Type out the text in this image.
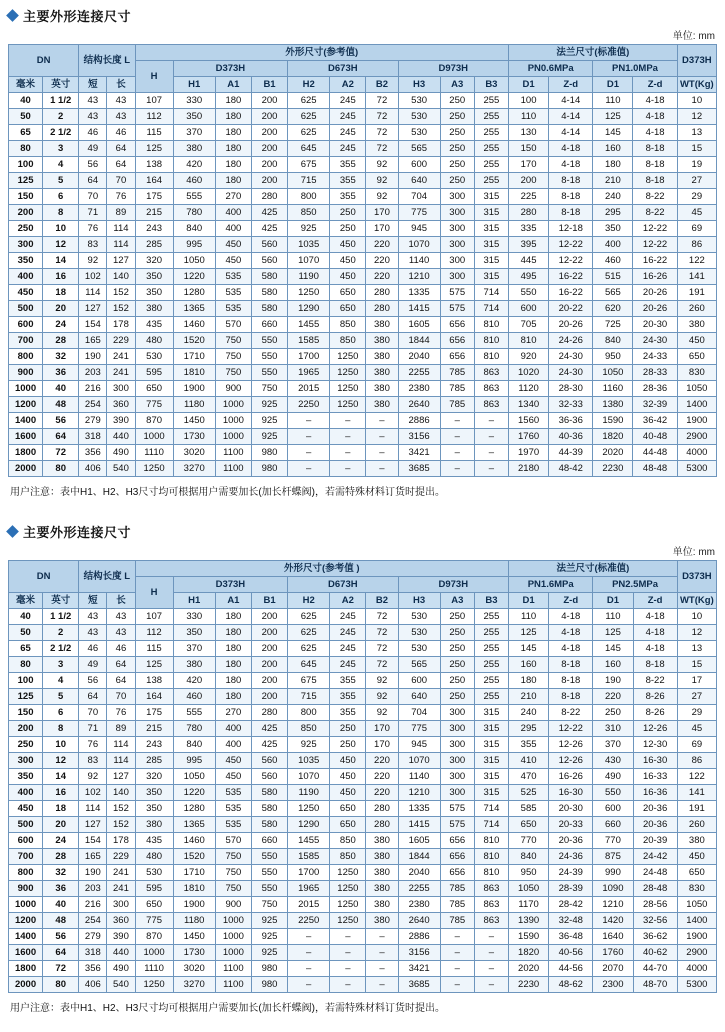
主要外形连接尺寸
单位: mm
DN		结构长度 L		外形尺寸(参考值)										法兰尺寸(标准值)				D373H
				H	D373H			D673H			D973H			PN0.6MPa		PN1.0MPa		
毫米	英寸	短	长		H1	A1	B1	H2	A2	B2	H3	A3	B3	D1	Z-d	D1	Z-d	WT(Kg)
40	1 1/2	43	43	107	330	180	200	625	245	72	530	250	255	100	4-14	110	4-18	10
50	2	43	43	112	350	180	200	625	245	72	530	250	255	110	4-14	125	4-18	12
65	2 1/2	46	46	115	370	180	200	625	245	72	530	250	255	130	4-14	145	4-18	13
80	3	49	64	125	380	180	200	645	245	72	565	250	255	150	4-18	160	8-18	15
100	4	56	64	138	420	180	200	675	355	92	600	250	255	170	4-18	180	8-18	19
125	5	64	70	164	460	180	200	715	355	92	640	250	255	200	8-18	210	8-18	27
150	6	70	76	175	555	270	280	800	355	92	704	300	315	225	8-18	240	8-22	29
200	8	71	89	215	780	400	425	850	250	170	775	300	315	280	8-18	295	8-22	45
250	10	76	114	243	840	400	425	925	250	170	945	300	315	335	12-18	350	12-22	69
300	12	83	114	285	995	450	560	1035	450	220	1070	300	315	395	12-22	400	12-22	86
350	14	92	127	320	1050	450	560	1070	450	220	1140	300	315	445	12-22	460	16-22	122
400	16	102	140	350	1220	535	580	1190	450	220	1210	300	315	495	16-22	515	16-26	141
450	18	114	152	350	1280	535	580	1250	650	280	1335	575	714	550	16-22	565	20-26	191
500	20	127	152	380	1365	535	580	1290	650	280	1415	575	714	600	20-22	620	20-26	260
600	24	154	178	435	1460	570	660	1455	850	380	1605	656	810	705	20-26	725	20-30	380
700	28	165	229	480	1520	750	550	1585	850	380	1844	656	810	810	24-26	840	24-30	450
800	32	190	241	530	1710	750	550	1700	1250	380	2040	656	810	920	24-30	950	24-33	650
900	36	203	241	595	1810	750	550	1965	1250	380	2255	785	863	1020	24-30	1050	28-33	830
1000	40	216	300	650	1900	900	750	2015	1250	380	2380	785	863	1120	28-30	1160	28-36	1050
1200	48	254	360	775	1180	1000	925	2250	1250	380	2640	785	863	1340	32-33	1380	32-39	1400
1400	56	279	390	870	1450	1000	925	–	–	–	2886	–	–	1560	36-36	1590	36-42	1900
1600	64	318	440	1000	1730	1000	925	–	–	–	3156	–	–	1760	40-36	1820	40-48	2900
1800	72	356	490	1110	3020	1100	980	–	–	–	3421	–	–	1970	44-39	2020	44-48	4000
2000	80	406	540	1250	3270	1100	980	–	–	–	3685	–	–	2180	48-42	2230	48-48	5300
用户注意：表中H1、H2、H3尺寸均可根据用户需要加长(加长杆蝶阀)，若需特殊材料订货时提出。
主要外形连接尺寸
单位: mm
DN		结构长度 L		外形尺寸(参考值 )										法兰尺寸(标准值)				D373H
				H	D373H			D673H			D973H			PN1.6MPa		PN2.5MPa		
毫米	英寸	短	长		H1	A1	B1	H2	A2	B2	H3	A3	B3	D1	Z-d	D1	Z-d	WT(Kg)
40	1 1/2	43	43	107	330	180	200	625	245	72	530	250	255	110	4-18	110	4-18	10
50	2	43	43	112	350	180	200	625	245	72	530	250	255	125	4-18	125	4-18	12
65	2 1/2	46	46	115	370	180	200	625	245	72	530	250	255	145	4-18	145	4-18	13
80	3	49	64	125	380	180	200	645	245	72	565	250	255	160	8-18	160	8-18	15
100	4	56	64	138	420	180	200	675	355	92	600	250	255	180	8-18	190	8-22	17
125	5	64	70	164	460	180	200	715	355	92	640	250	255	210	8-18	220	8-26	27
150	6	70	76	175	555	270	280	800	355	92	704	300	315	240	8-22	250	8-26	29
200	8	71	89	215	780	400	425	850	250	170	775	300	315	295	12-22	310	12-26	45
250	10	76	114	243	840	400	425	925	250	170	945	300	315	355	12-26	370	12-30	69
300	12	83	114	285	995	450	560	1035	450	220	1070	300	315	410	12-26	430	16-30	86
350	14	92	127	320	1050	450	560	1070	450	220	1140	300	315	470	16-26	490	16-33	122
400	16	102	140	350	1220	535	580	1190	450	220	1210	300	315	525	16-30	550	16-36	141
450	18	114	152	350	1280	535	580	1250	650	280	1335	575	714	585	20-30	600	20-36	191
500	20	127	152	380	1365	535	580	1290	650	280	1415	575	714	650	20-33	660	20-36	260
600	24	154	178	435	1460	570	660	1455	850	380	1605	656	810	770	20-36	770	20-39	380
700	28	165	229	480	1520	750	550	1585	850	380	1844	656	810	840	24-36	875	24-42	450
800	32	190	241	530	1710	750	550	1700	1250	380	2040	656	810	950	24-39	990	24-48	650
900	36	203	241	595	1810	750	550	1965	1250	380	2255	785	863	1050	28-39	1090	28-48	830
1000	40	216	300	650	1900	900	750	2015	1250	380	2380	785	863	1170	28-42	1210	28-56	1050
1200	48	254	360	775	1180	1000	925	2250	1250	380	2640	785	863	1390	32-48	1420	32-56	1400
1400	56	279	390	870	1450	1000	925	–	–	–	2886	–	–	1590	36-48	1640	36-62	1900
1600	64	318	440	1000	1730	1000	925	–	–	–	3156	–	–	1820	40-56	1760	40-62	2900
1800	72	356	490	1110	3020	1100	980	–	–	–	3421	–	–	2020	44-56	2070	44-70	4000
2000	80	406	540	1250	3270	1100	980	–	–	–	3685	–	–	2230	48-62	2300	48-70	5300
用户注意：表中H1、H2、H3尺寸均可根据用户需要加长(加长杆蝶阀)，若需特殊材料订货时提出。
